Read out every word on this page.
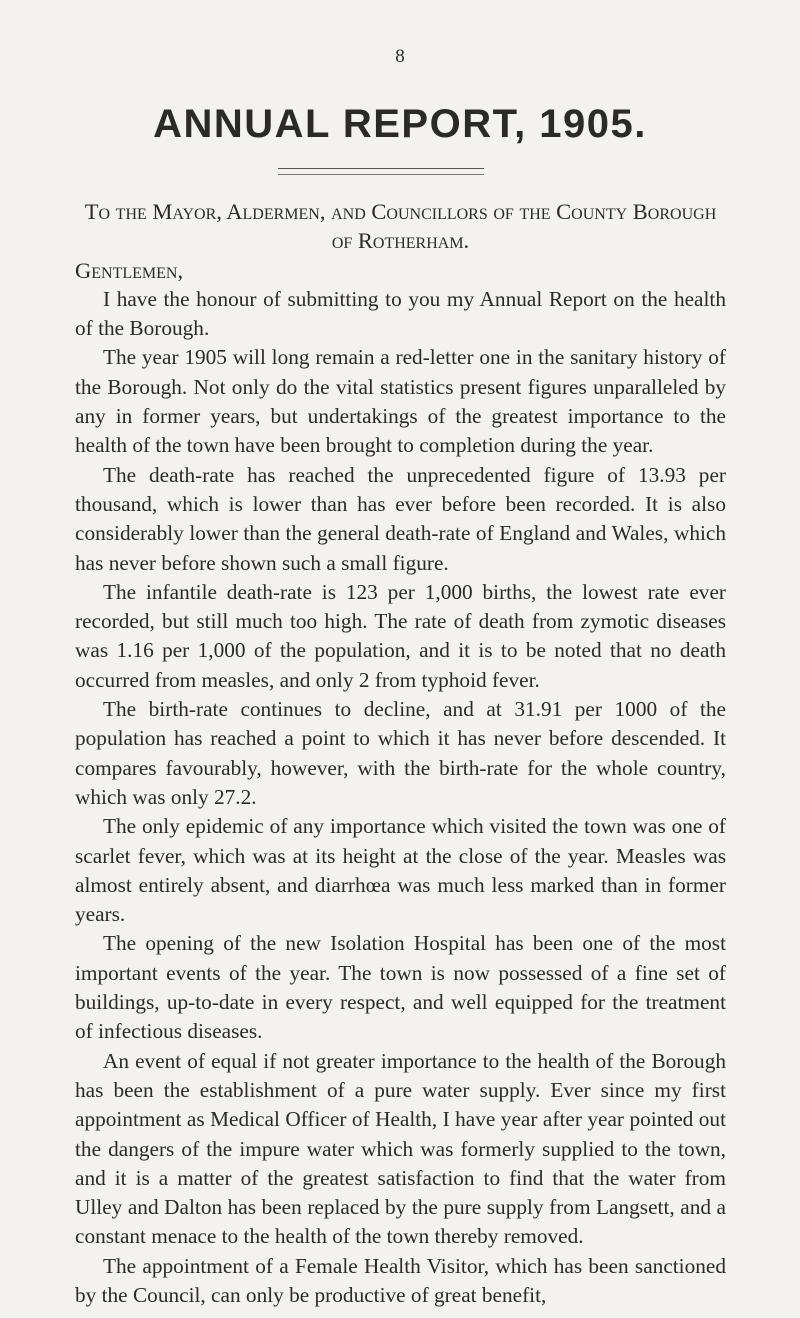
8
ANNUAL REPORT, 1905.

To the Mayor, Aldermen, and Councillors of the County Borough of Rotherham.

Gentlemen,

I have the honour of submitting to you my Annual Report on the health of the Borough.

The year 1905 will long remain a red-letter one in the sanitary history of the Borough. Not only do the vital statistics present figures unparalleled by any in former years, but undertakings of the greatest importance to the health of the town have been brought to completion during the year.

The death-rate has reached the unprecedented figure of 13.93 per thousand, which is lower than has ever before been recorded. It is also considerably lower than the general death-rate of England and Wales, which has never before shown such a small figure.

The infantile death-rate is 123 per 1,000 births, the lowest rate ever recorded, but still much too high. The rate of death from zymotic diseases was 1.16 per 1,000 of the population, and it is to be noted that no death occurred from measles, and only 2 from typhoid fever.

The birth-rate continues to decline, and at 31.91 per 1000 of the population has reached a point to which it has never before descended. It compares favourably, however, with the birth-rate for the whole country, which was only 27.2.

The only epidemic of any importance which visited the town was one of scarlet fever, which was at its height at the close of the year. Measles was almost entirely absent, and diarrhœa was much less marked than in former years.

The opening of the new Isolation Hospital has been one of the most important events of the year. The town is now possessed of a fine set of buildings, up-to-date in every respect, and well equipped for the treatment of infectious diseases.

An event of equal if not greater importance to the health of the Borough has been the establishment of a pure water supply. Ever since my first appointment as Medical Officer of Health, I have year after year pointed out the dangers of the impure water which was formerly supplied to the town, and it is a matter of the greatest satisfaction to find that the water from Ulley and Dalton has been replaced by the pure supply from Langsett, and a constant menace to the health of the town thereby removed.

The appointment of a Female Health Visitor, which has been sanctioned by the Council, can only be productive of great benefit,
